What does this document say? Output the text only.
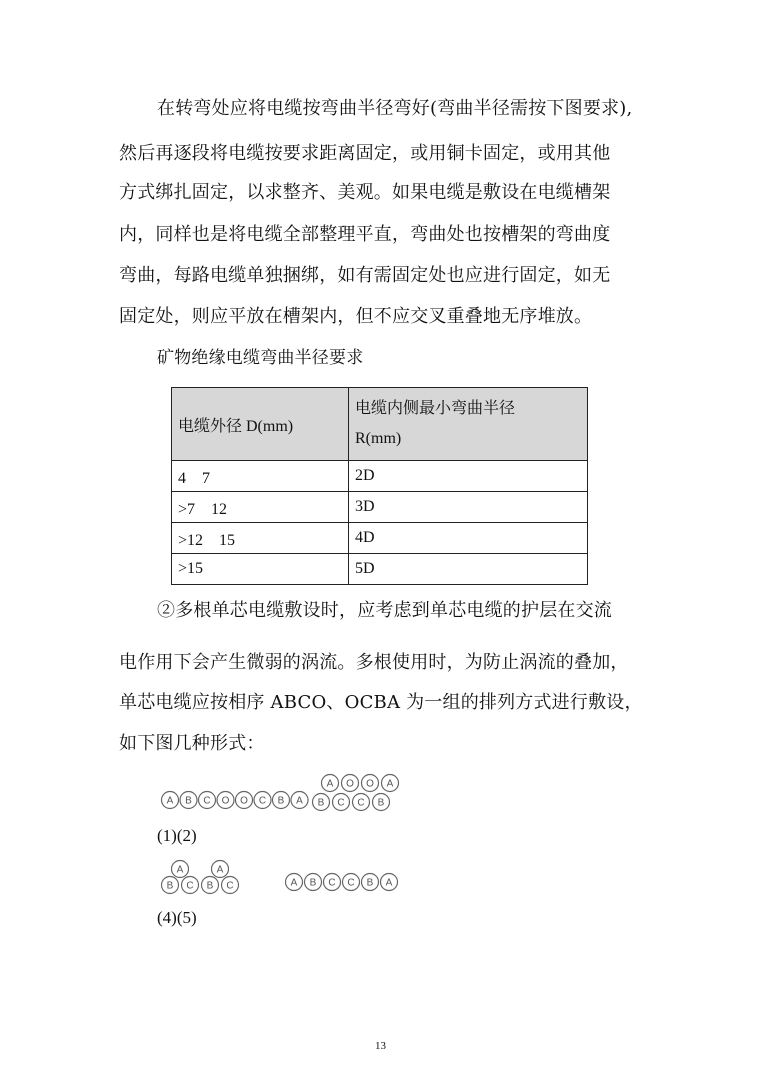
在转弯处应将电缆按弯曲半径弯好(弯曲半径需按下图要求),
然后再逐段将电缆按要求距离固定，或用铜卡固定，或用其他
方式绑扎固定，以求整齐、美观。如果电缆是敷设在电缆槽架
内，同样也是将电缆全部整理平直，弯曲处也按槽架的弯曲度
弯曲，每路电缆单独捆绑，如有需固定处也应进行固定，如无
固定处，则应平放在槽架内，但不应交叉重叠地无序堆放。
矿物绝缘电缆弯曲半径要求
电缆外径 D(mm)	电缆内侧最小弯曲半径
R(mm)

4　7	2D
>7　12	3D
>12　15	4D
>15	5D
➁多根单芯电缆敷设时，应考虑到单芯电缆的护层在交流
电作用下会产生微弱的涡流。多根使用时，为防止涡流的叠加，
单芯电缆应按相序 ABCO、OCBA 为一组的排列方式进行敷设，
如下图几种形式：
A B C O O C B A
A O O A
B C C B
(1)(2)
A	A
B C B C	A B C C B A
(4)(5)
13
